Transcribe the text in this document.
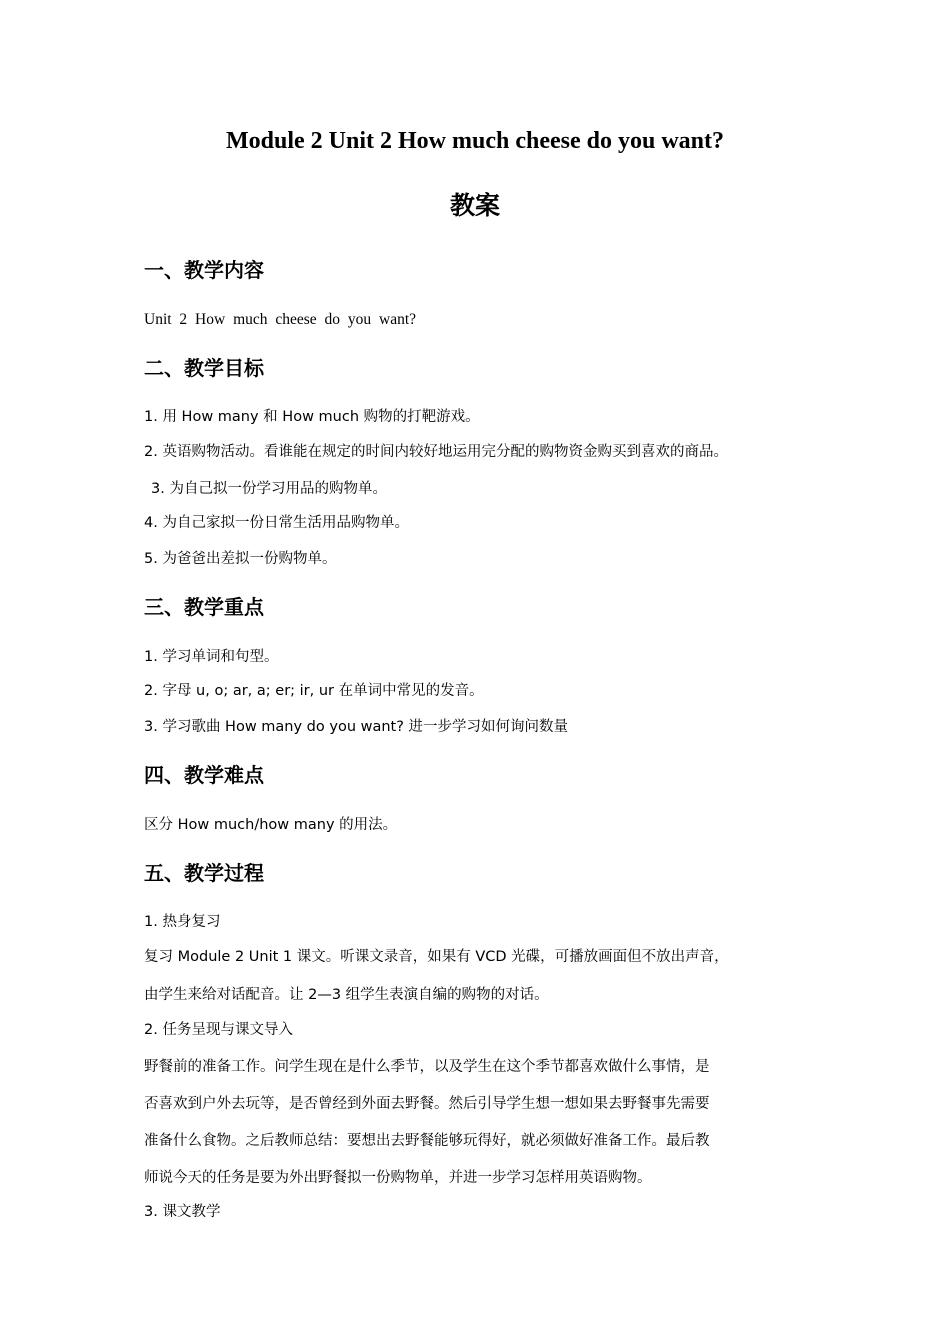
Module 2 Unit 2 How much cheese do you want?
教案
一、教学内容
Unit 2 How much cheese do you want?
二、教学目标
1. 用 How many 和 How much 购物的打靶游戏。
2. 英语购物活动。看谁能在规定的时间内较好地运用完分配的购物资金购买到喜欢的商品。
3. 为自己拟一份学习用品的购物单。
4. 为自己家拟一份日常生活用品购物单。
5. 为爸爸出差拟一份购物单。
三、教学重点
1. 学习单词和句型。
2. 字母 u, o; ar, a; er; ir, ur 在单词中常见的发音。
3. 学习歌曲 How many do you want? 进一步学习如何询问数量
四、教学难点
区分 How much/how many 的用法。
五、教学过程
1. 热身复习
复习 Module 2 Unit 1 课文。听课文录音，如果有 VCD 光碟，可播放画面但不放出声音，
由学生来给对话配音。让 2—3 组学生表演自编的购物的对话。
2. 任务呈现与课文导入
野餐前的准备工作。问学生现在是什么季节，以及学生在这个季节都喜欢做什么事情，是
否喜欢到户外去玩等，是否曾经到外面去野餐。然后引导学生想一想如果去野餐事先需要
准备什么食物。之后教师总结：要想出去野餐能够玩得好，就必须做好准备工作。最后教
师说今天的任务是要为外出野餐拟一份购物单，并进一步学习怎样用英语购物。
3. 课文教学
